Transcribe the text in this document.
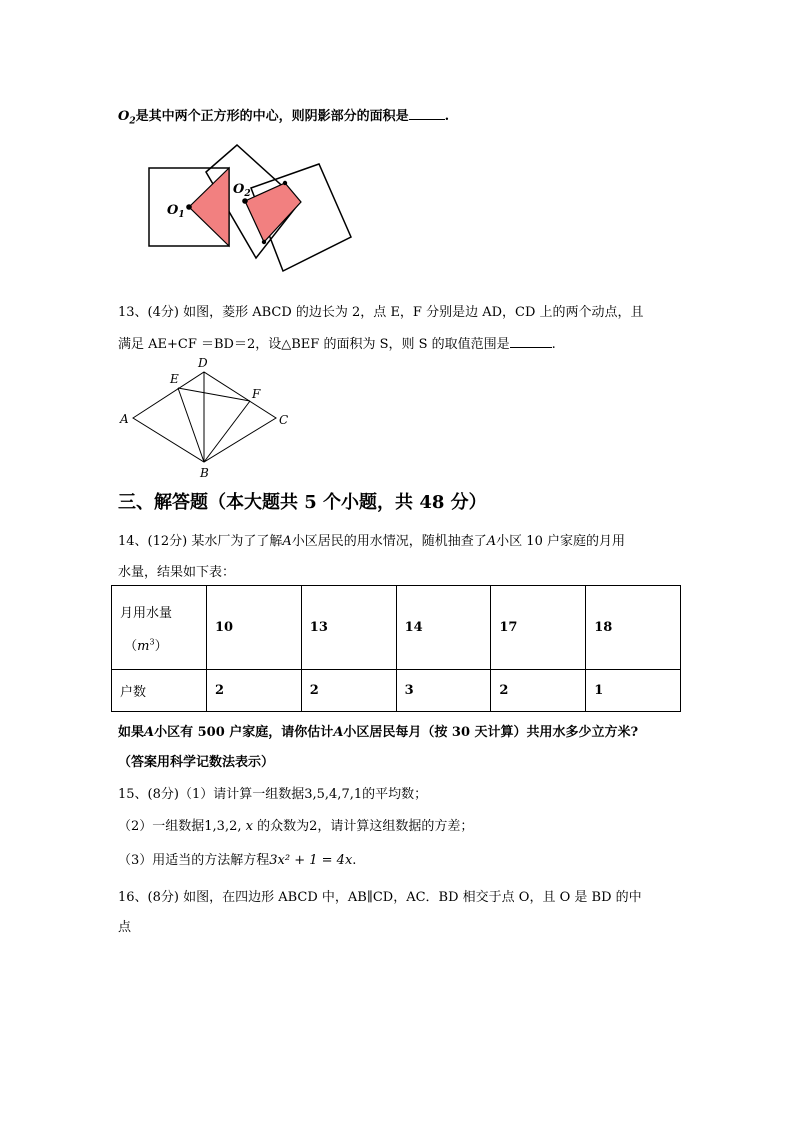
$O_2$是其中两个正方形的中心，则阴影部分的面积是	.
$O_1$
$O_2$
13、(4分) 如图，菱形 ABCD 的边长为 2，点 E，F 分别是边 AD，CD 上的两个动点，且
满足 AE+CF ＝BD＝2，设△BEF 的面积为 S，则 S 的取值范围是	.
A
B
C
D
E
F
三、解答题（本大题共 5 个小题，共 48 分）
14、(12分) 某水厂为了了解A小区居民的用水情况，随机抽查了A小区 10 户家庭的月用
水量，结果如下表：
月用水量
$(m^3)$	10	13	14	17	18
户数	2	2	3	2	1
如果A小区有 500 户家庭，请你估计A小区居民每月（按 30 天计算）共用水多少立方米?
（答案用科学记数法表示）
15、(8分)（1）请计算一组数据3,5,4,7,1的平均数；
（2）一组数据1,3,2, x 的众数为2，请计算这组数据的方差；
（3）用适当的方法解方程3x² + 1 = 4x.
16、(8分) 如图，在四边形 ABCD 中，AB∥CD，AC．BD 相交于点 O，且 O 是 BD 的中
点
